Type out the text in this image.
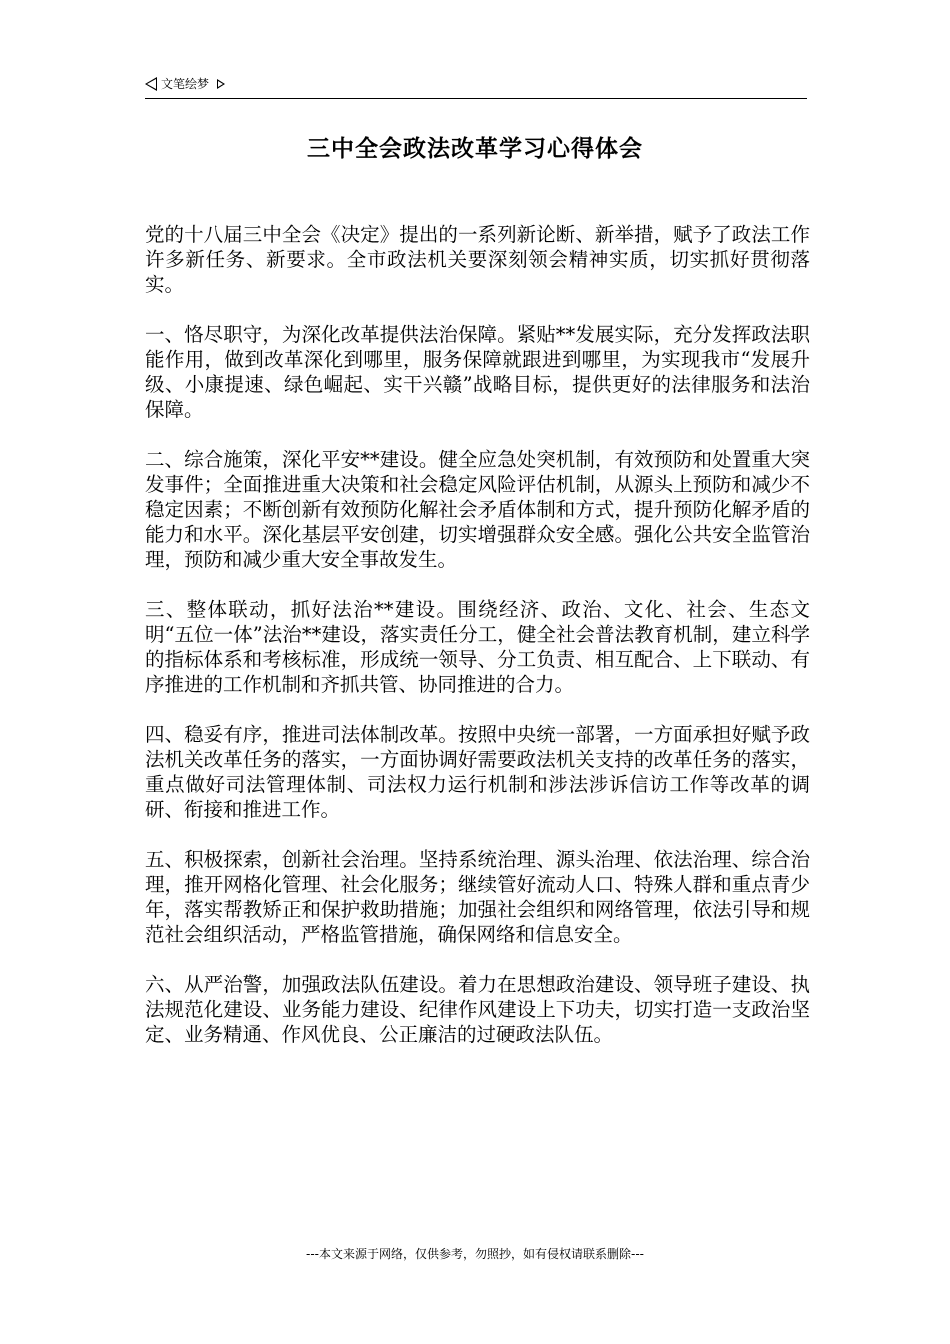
文笔绘梦
三中全会政法改革学习心得体会

党的十八届三中全会《决定》提出的一系列新论断、新举措，赋予了政法工作许多新任务、新要求。全市政法机关要深刻领会精神实质，切实抓好贯彻落实。

一、恪尽职守，为深化改革提供法治保障。紧贴**发展实际，充分发挥政法职能作用，做到改革深化到哪里，服务保障就跟进到哪里，为实现我市“发展升级、小康提速、绿色崛起、实干兴赣”战略目标，提供更好的法律服务和法治保障。

二、综合施策，深化平安**建设。健全应急处突机制，有效预防和处置重大突发事件；全面推进重大决策和社会稳定风险评估机制，从源头上预防和减少不稳定因素；不断创新有效预防化解社会矛盾体制和方式，提升预防化解矛盾的能力和水平。深化基层平安创建，切实增强群众安全感。强化公共安全监管治理，预防和减少重大安全事故发生。

三、整体联动，抓好法治**建设。围绕经济、政治、文化、社会、生态文明“五位一体”法治**建设，落实责任分工，健全社会普法教育机制，建立科学的指标体系和考核标准，形成统一领导、分工负责、相互配合、上下联动、有序推进的工作机制和齐抓共管、协同推进的合力。

四、稳妥有序，推进司法体制改革。按照中央统一部署，一方面承担好赋予政法机关改革任务的落实，一方面协调好需要政法机关支持的改革任务的落实，重点做好司法管理体制、司法权力运行机制和涉法涉诉信访工作等改革的调研、衔接和推进工作。

五、积极探索，创新社会治理。坚持系统治理、源头治理、依法治理、综合治理，推开网格化管理、社会化服务；继续管好流动人口、特殊人群和重点青少年，落实帮教矫正和保护救助措施；加强社会组织和网络管理，依法引导和规范社会组织活动，严格监管措施，确保网络和信息安全。

六、从严治警，加强政法队伍建设。着力在思想政治建设、领导班子建设、执法规范化建设、业务能力建设、纪律作风建设上下功夫，切实打造一支政治坚定、业务精通、作风优良、公正廉洁的过硬政法队伍。

---本文来源于网络，仅供参考，勿照抄，如有侵权请联系删除---
